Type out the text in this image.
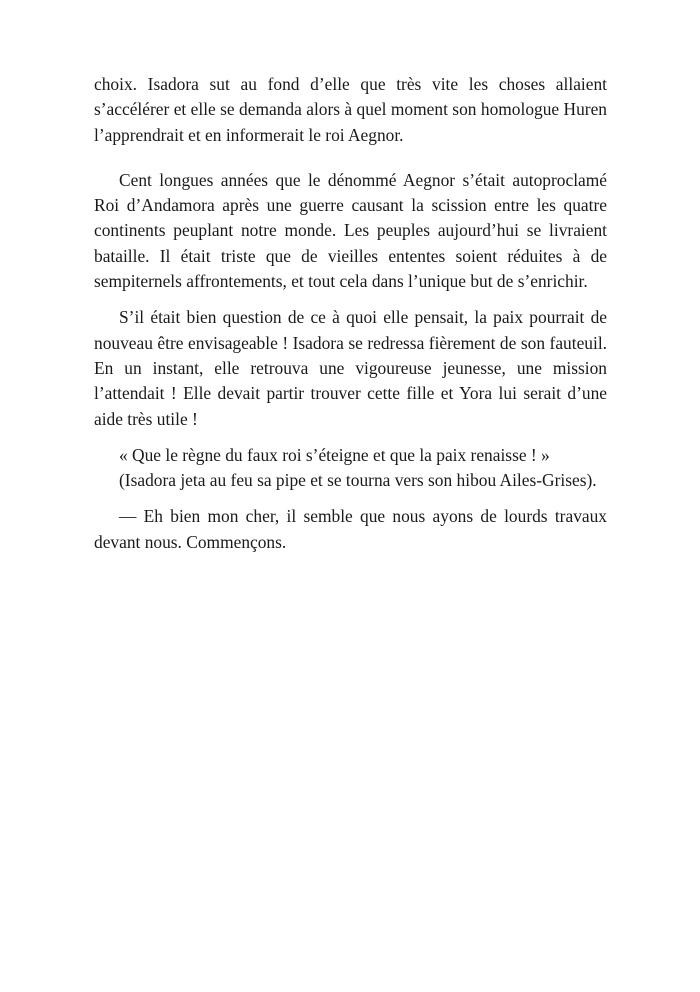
choix. Isadora sut au fond d’elle que très vite les choses allaient s’accélérer et elle se demanda alors à quel moment son homologue Huren l’apprendrait et en informerait le roi Aegnor.

Cent longues années que le dénommé Aegnor s’était autoproclamé Roi d’Andamora après une guerre causant la scission entre les quatre continents peuplant notre monde. Les peuples aujourd’hui se livraient bataille. Il était triste que de vieilles ententes soient réduites à de sempiternels affrontements, et tout cela dans l’unique but de s’enrichir.

S’il était bien question de ce à quoi elle pensait, la paix pourrait de nouveau être envisageable ! Isadora se redressa fièrement de son fauteuil. En un instant, elle retrouva une vigoureuse jeunesse, une mission l’attendait ! Elle devait partir trouver cette fille et Yora lui serait d’une aide très utile !

« Que le règne du faux roi s’éteigne et que la paix renaisse ! »

(Isadora jeta au feu sa pipe et se tourna vers son hibou Ailes-Grises).

— Eh bien mon cher, il semble que nous ayons de lourds travaux devant nous. Commençons.
